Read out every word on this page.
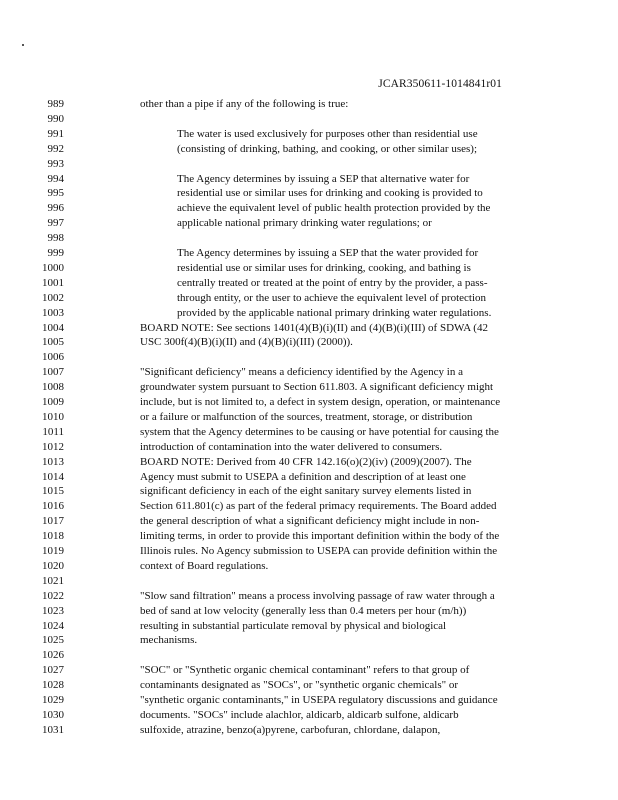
JCAR350611-1014841r01
989	other than a pipe if any of the following is true:
990
991	The water is used exclusively for purposes other than residential use
992	(consisting of drinking, bathing, and cooking, or other similar uses);
993
994	The Agency determines by issuing a SEP that alternative water for
995	residential use or similar uses for drinking and cooking is provided to
996	achieve the equivalent level of public health protection provided by the
997	applicable national primary drinking water regulations; or
998
999	The Agency determines by issuing a SEP that the water provided for
1000	residential use or similar uses for drinking, cooking, and bathing is
1001	centrally treated or treated at the point of entry by the provider, a pass-
1002	through entity, or the user to achieve the equivalent level of protection
1003	provided by the applicable national primary drinking water regulations.
1004	BOARD NOTE: See sections 1401(4)(B)(i)(II) and (4)(B)(i)(III) of SDWA (42
1005	USC 300f(4)(B)(i)(II) and (4)(B)(i)(III) (2000)).
1006
1007	"Significant deficiency" means a deficiency identified by the Agency in a
1008	groundwater system pursuant to Section 611.803. A significant deficiency might
1009	include, but is not limited to, a defect in system design, operation, or maintenance
1010	or a failure or malfunction of the sources, treatment, storage, or distribution
1011	system that the Agency determines to be causing or have potential for causing the
1012	introduction of contamination into the water delivered to consumers.
1013	BOARD NOTE: Derived from 40 CFR 142.16(o)(2)(iv) (2009)(2007). The
1014	Agency must submit to USEPA a definition and description of at least one
1015	significant deficiency in each of the eight sanitary survey elements listed in
1016	Section 611.801(c) as part of the federal primacy requirements. The Board added
1017	the general description of what a significant deficiency might include in non-
1018	limiting terms, in order to provide this important definition within the body of the
1019	Illinois rules. No Agency submission to USEPA can provide definition within the
1020	context of Board regulations.
1021
1022	"Slow sand filtration" means a process involving passage of raw water through a
1023	bed of sand at low velocity (generally less than 0.4 meters per hour (m/h))
1024	resulting in substantial particulate removal by physical and biological
1025	mechanisms.
1026
1027	"SOC" or "Synthetic organic chemical contaminant" refers to that group of
1028	contaminants designated as "SOCs", or "synthetic organic chemicals" or
1029	"synthetic organic contaminants," in USEPA regulatory discussions and guidance
1030	documents. "SOCs" include alachlor, aldicarb, aldicarb sulfone, aldicarb
1031	sulfoxide, atrazine, benzo(a)pyrene, carbofuran, chlordane, dalapon,
